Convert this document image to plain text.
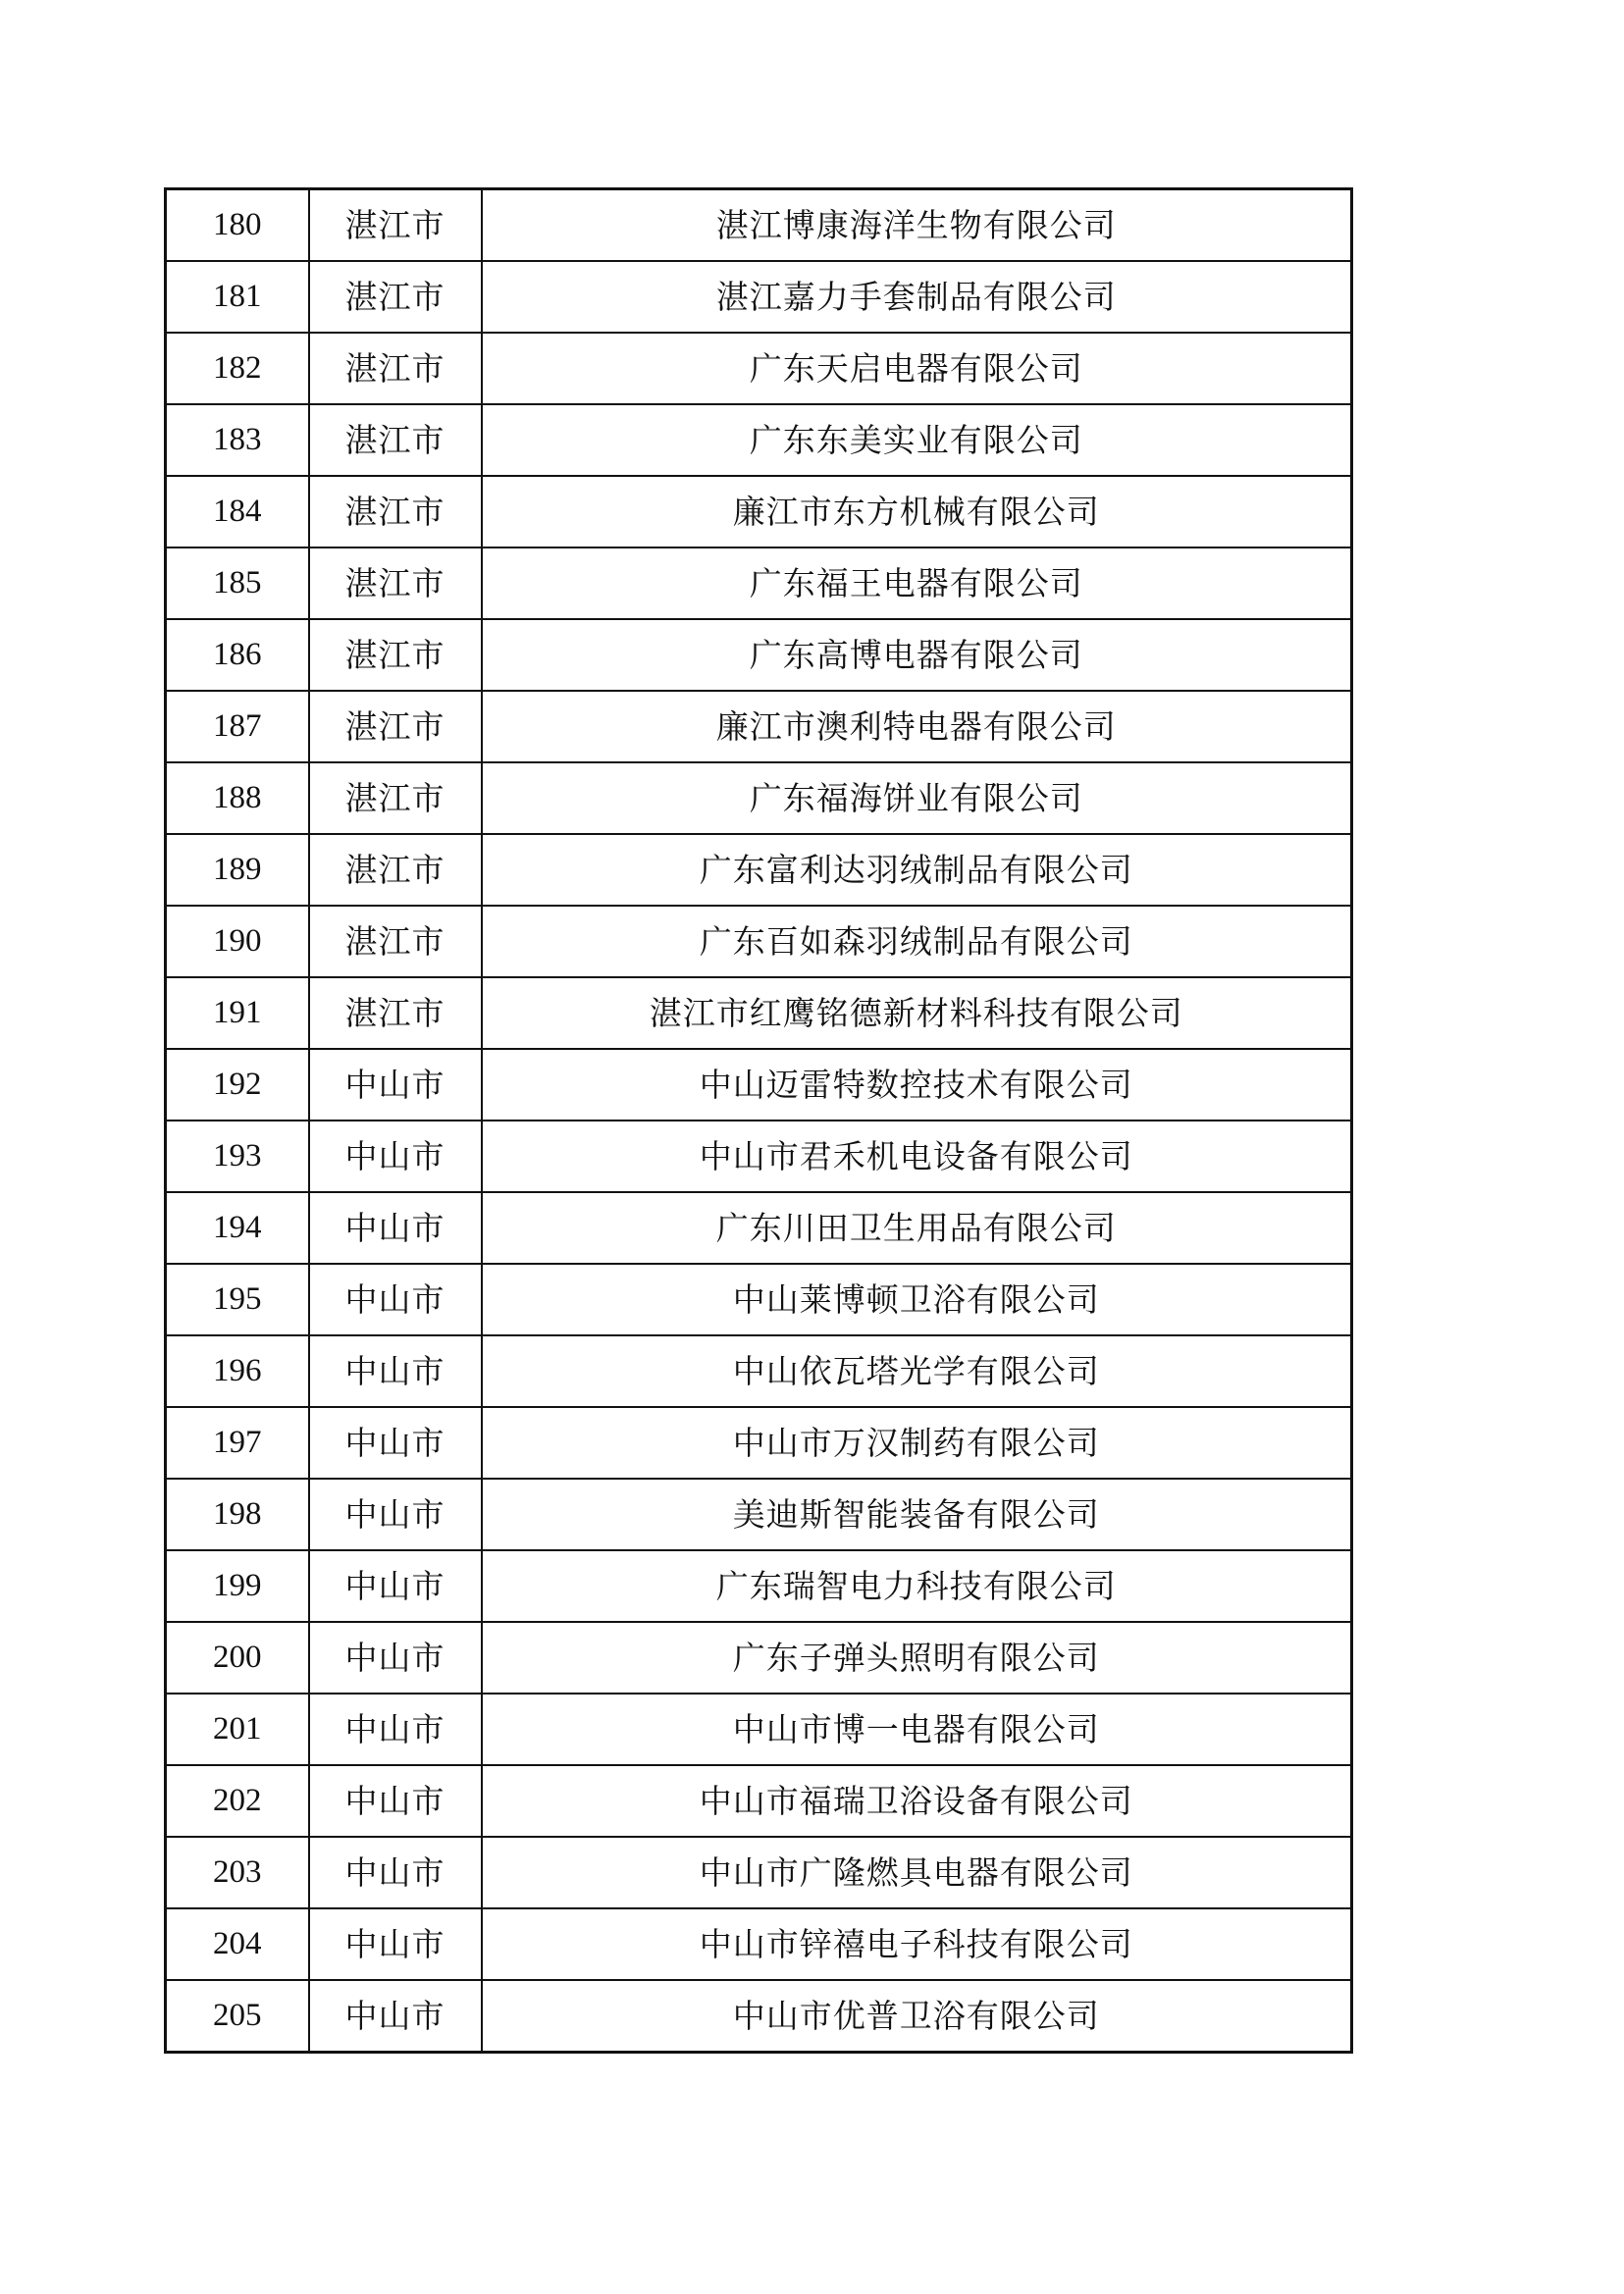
180	湛江市	湛江博康海洋生物有限公司
181	湛江市	湛江嘉力手套制品有限公司
182	湛江市	广东天启电器有限公司
183	湛江市	广东东美实业有限公司
184	湛江市	廉江市东方机械有限公司
185	湛江市	广东福王电器有限公司
186	湛江市	广东高博电器有限公司
187	湛江市	廉江市澳利特电器有限公司
188	湛江市	广东福海饼业有限公司
189	湛江市	广东富利达羽绒制品有限公司
190	湛江市	广东百如森羽绒制品有限公司
191	湛江市	湛江市红鹰铭德新材料科技有限公司
192	中山市	中山迈雷特数控技术有限公司
193	中山市	中山市君禾机电设备有限公司
194	中山市	广东川田卫生用品有限公司
195	中山市	中山莱博顿卫浴有限公司
196	中山市	中山依瓦塔光学有限公司
197	中山市	中山市万汉制药有限公司
198	中山市	美迪斯智能装备有限公司
199	中山市	广东瑞智电力科技有限公司
200	中山市	广东子弹头照明有限公司
201	中山市	中山市博一电器有限公司
202	中山市	中山市福瑞卫浴设备有限公司
203	中山市	中山市广隆燃具电器有限公司
204	中山市	中山市锌禧电子科技有限公司
205	中山市	中山市优普卫浴有限公司
